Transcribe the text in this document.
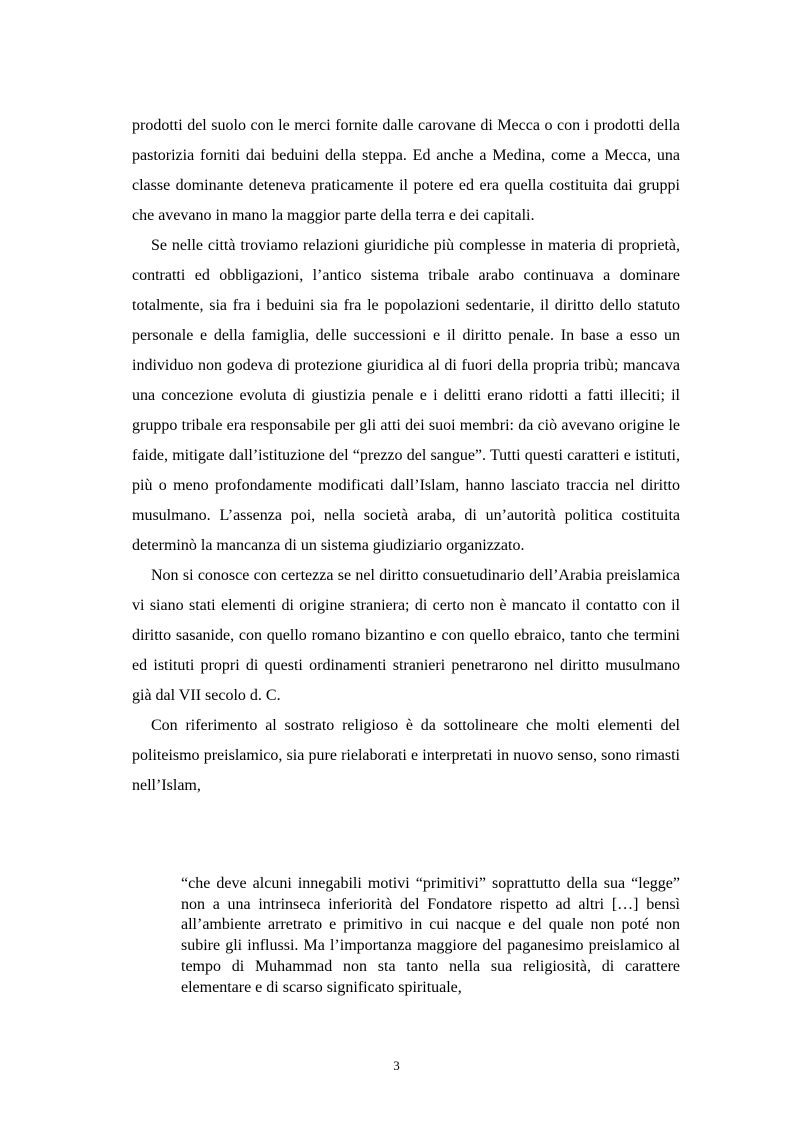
prodotti del suolo con le merci fornite dalle carovane di Mecca o con i prodotti della pastorizia forniti dai beduini della steppa. Ed anche a Medina, come a Mecca, una classe dominante deteneva praticamente il potere ed era quella costituita dai gruppi che avevano in mano la maggior parte della terra e dei capitali.

Se nelle città troviamo relazioni giuridiche più complesse in materia di proprietà, contratti ed obbligazioni, l’antico sistema tribale arabo continuava a dominare totalmente, sia fra i beduini sia fra le popolazioni sedentarie, il diritto dello statuto personale e della famiglia, delle successioni e il diritto penale. In base a esso un individuo non godeva di protezione giuridica al di fuori della propria tribù; mancava una concezione evoluta di giustizia penale e i delitti erano ridotti a fatti illeciti; il gruppo tribale era responsabile per gli atti dei suoi membri: da ciò avevano origine le faide, mitigate dall’istituzione del “prezzo del sangue”. Tutti questi caratteri e istituti, più o meno profondamente modificati dall’Islam, hanno lasciato traccia nel diritto musulmano. L’assenza poi, nella società araba, di un’autorità politica costituita determinò la mancanza di un sistema giudiziario organizzato.

Non si conosce con certezza se nel diritto consuetudinario dell’Arabia preislamica vi siano stati elementi di origine straniera; di certo non è mancato il contatto con il diritto sasanide, con quello romano bizantino e con quello ebraico, tanto che termini ed istituti propri di questi ordinamenti stranieri penetrarono nel diritto musulmano già dal VII secolo d. C.

Con riferimento al sostrato religioso è da sottolineare che molti elementi del politeismo preislamico, sia pure rielaborati e interpretati in nuovo senso, sono rimasti nell’Islam,

“che deve alcuni innegabili motivi “primitivi” soprattutto della sua “legge” non a una intrinseca inferiorità del Fondatore rispetto ad altri […] bensì all’ambiente arretrato e primitivo in cui nacque e del quale non poté non subire gli influssi. Ma l’importanza maggiore del paganesimo preislamico al tempo di Muhammad non sta tanto nella sua religiosità, di carattere elementare e di scarso significato spirituale,

3
